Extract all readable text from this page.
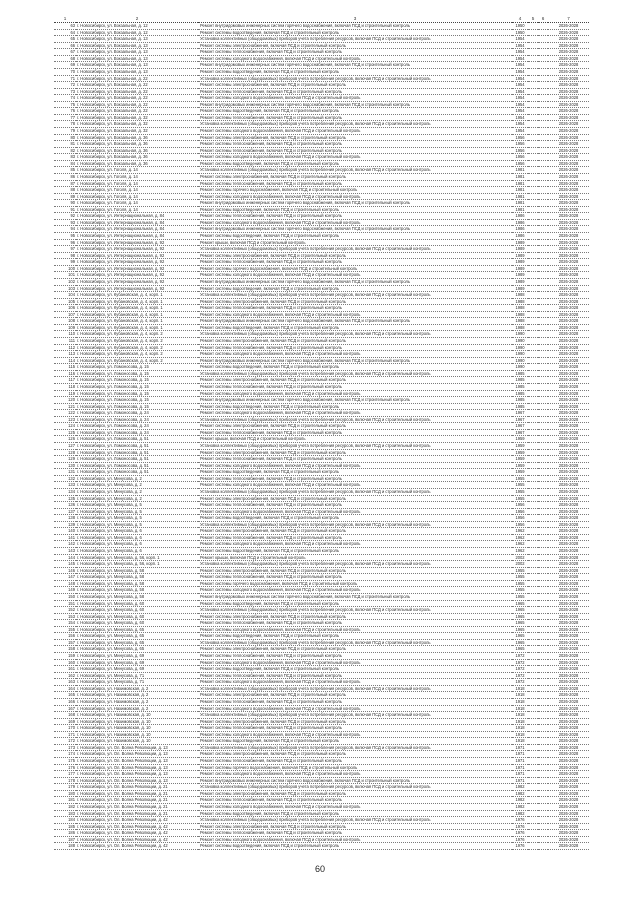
1	2	3	4	5	6	7
63	г. Новосибирск, ул. Вокзальная, д. 12	Ремонт внутридомовых инженерных систем горячего водоснабжения, включая ПСД и строительный контроль	1950			2026-2028
64	г. Новосибирск, ул. Вокзальная, д. 12	Ремонт системы водоотведения, включая ПСД и строительный контроль	1950			2026-2028
65	г. Новосибирск, ул. Вокзальная, д. 13	Установка коллективных (общедомовых) приборов учета потребления ресурсов, включая ПСД и строительный контроль	1954			2026-2028
66	г. Новосибирск, ул. Вокзальная, д. 13	Ремонт системы электроснабжения, включая ПСД и строительный контроль	1954			2026-2028
67	г. Новосибирск, ул. Вокзальная, д. 13	Ремонт системы теплоснабжения, включая ПСД и строительный контроль	1954			2026-2028
68	г. Новосибирск, ул. Вокзальная, д. 13	Ремонт системы холодного водоснабжения, включая ПСД и строительный контроль	1954			2026-2028
69	г. Новосибирск, ул. Вокзальная, д. 13	Ремонт внутридомовых инженерных систем горячего водоснабжения, включая ПСД и строительный контроль	1954			2026-2028
70	г. Новосибирск, ул. Вокзальная, д. 13	Ремонт системы водоотведения, включая ПСД и строительный контроль	1954			2026-2028
71	г. Новосибирск, ул. Вокзальная, д. 22	Установка коллективных (общедомовых) приборов учета потребления ресурсов, включая ПСД и строительный контроль	1954			2026-2028
72	г. Новосибирск, ул. Вокзальная, д. 22	Ремонт системы электроснабжения, включая ПСД и строительный контроль	1954			2026-2028
73	г. Новосибирск, ул. Вокзальная, д. 22	Ремонт системы теплоснабжения, включая ПСД и строительный контроль	1954			2026-2028
74	г. Новосибирск, ул. Вокзальная, д. 22	Ремонт системы холодного водоснабжения, включая ПСД и строительный контроль	1954			2026-2028
75	г. Новосибирск, ул. Вокзальная, д. 22	Ремонт внутридомовых инженерных систем горячего водоснабжения, включая ПСД и строительный контроль	1954			2026-2028
76	г. Новосибирск, ул. Вокзальная, д. 22	Ремонт системы водоотведения, включая ПСД и строительный контроль	1954			2026-2028
77	г. Новосибирск, ул. Вокзальная, д. 32	Ремонт системы теплоснабжения, включая ПСД и строительный контроль	1954			2026-2028
78	г. Новосибирск, ул. Вокзальная, д. 32	Установка коллективных (общедомовых) приборов учета потребления ресурсов, включая ПСД и строительный контроль	1954			2026-2028
79	г. Новосибирск, ул. Вокзальная, д. 32	Ремонт системы холодного водоснабжения, включая ПСД и строительный контроль	1954			2026-2028
80	г. Новосибирск, ул. Вокзальная, д. 36	Ремонт системы электроснабжения, включая ПСД и строительный контроль	1956			2026-2028
81	г. Новосибирск, ул. Вокзальная, д. 36	Ремонт системы теплоснабжения, включая ПСД и строительный контроль	1956			2026-2028
82	г. Новосибирск, ул. Вокзальная, д. 36	Ремонт системы теплоснабжения, включая ПСД и строительный контроль	1956			2026-2028
83	г. Новосибирск, ул. Вокзальная, д. 36	Ремонт системы холодного водоснабжения, включая ПСД и строительный контроль	1956			2026-2028
84	г. Новосибирск, ул. Вокзальная, д. 36	Ремонт системы водоотведения, включая ПСД и строительный контроль	1956			2026-2028
85	г. Новосибирск, ул. Гоголя, д. 14	Установка коллективных (общедомовых) приборов учета потребления ресурсов, включая ПСД и строительный контроль	1981			2026-2028
86	г. Новосибирск, ул. Гоголя, д. 14	Ремонт системы электроснабжения, включая ПСД и строительный контроль	1981			2026-2028
87	г. Новосибирск, ул. Гоголя, д. 14	Ремонт системы теплоснабжения, включая ПСД и строительный контроль	1981			2026-2028
88	г. Новосибирск, ул. Гоголя, д. 14	Ремонт системы горячего водоснабжения, включая ПСД и строительный контроль	1981			2026-2028
89	г. Новосибирск, ул. Гоголя, д. 14	Ремонт системы холодного водоснабжения, включая ПСД и строительный контроль	1981			2026-2028
90	г. Новосибирск, ул. Гоголя, д. 14	Ремонт внутридомовых инженерных систем горячего водоснабжения, включая ПСД и строительный контроль	1981			2026-2028
91	г. Новосибирск, ул. Гоголя, д. 14	Ремонт системы водоотведения, включая ПСД и строительный контроль	1981			2026-2028
92	г. Новосибирск, ул. Интернациональная, д. 84	Ремонт системы теплоснабжения, включая ПСД и строительный контроль	1986			2026-2028
93	г. Новосибирск, ул. Интернациональная, д. 84	Ремонт системы холодного водоснабжения, включая ПСД и строительный контроль	1986			2026-2028
94	г. Новосибирск, ул. Интернациональная, д. 84	Ремонт внутридомовых инженерных систем горячего водоснабжения, включая ПСД и строительный контроль	1986			2026-2028
95	г. Новосибирск, ул. Интернациональная, д. 84	Ремонт системы водоотведения, включая ПСД и строительный контроль	1986			2026-2028
96	г. Новосибирск, ул. Интернациональная, д. 92	Ремонт крыши, включая ПСД и строительный контроль	1989			2026-2028
97	г. Новосибирск, ул. Интернациональная, д. 92	Установка коллективных (общедомовых) приборов учета потребления ресурсов, включая ПСД и строительный контроль	1989			2026-2028
98	г. Новосибирск, ул. Интернациональная, д. 92	Ремонт системы электроснабжения, включая ПСД и строительный контроль	1989			2026-2028
99	г. Новосибирск, ул. Интернациональная, д. 92	Ремонт системы теплоснабжения, включая ПСД и строительный контроль	1989			2026-2028
100	г. Новосибирск, ул. Интернациональная, д. 92	Ремонт системы горячего водоснабжения, включая ПСД и строительный контроль	1989			2026-2028
101	г. Новосибирск, ул. Интернациональная, д. 92	Ремонт системы холодного водоснабжения, включая ПСД и строительный контроль	1989			2026-2028
102	г. Новосибирск, ул. Интернациональная, д. 92	Ремонт внутридомовых инженерных систем горячего водоснабжения, включая ПСД и строительный контроль	1989			2026-2028
103	г. Новосибирск, ул. Интернациональная, д. 92	Ремонт системы водоотведения, включая ПСД и строительный контроль	1989			2026-2028
104	г. Новосибирск, ул. Кубановская, д. 4, корп. 1	Установка коллективных (общедомовых) приборов учета потребления ресурсов, включая ПСД и строительный контроль	1988			2026-2028
105	г. Новосибирск, ул. Кубановская, д. 4, корп. 1	Ремонт системы электроснабжения, включая ПСД и строительный контроль	1988			2026-2028
106	г. Новосибирск, ул. Кубановская, д. 4, корп. 1	Ремонт системы теплоснабжения, включая ПСД и строительный контроль	1988			2026-2028
107	г. Новосибирск, ул. Кубановская, д. 4, корп. 1	Ремонт системы холодного водоснабжения, включая ПСД и строительный контроль	1988			2026-2028
108	г. Новосибирск, ул. Кубановская, д. 4, корп. 1	Ремонт внутридомовых инженерных систем горячего водоснабжения, включая ПСД и строительный контроль	1988			2026-2028
109	г. Новосибирск, ул. Кубановская, д. 4, корп. 1	Ремонт системы водоотведения, включая ПСД и строительный контроль	1988			2026-2028
110	г. Новосибирск, ул. Кубановская, д. 4, корп. 2	Установка коллективных (общедомовых) приборов учета потребления ресурсов, включая ПСД и строительный контроль	1990			2026-2028
111	г. Новосибирск, ул. Кубановская, д. 4, корп. 2	Ремонт системы электроснабжения, включая ПСД и строительный контроль	1990			2026-2028
112	г. Новосибирск, ул. Кубановская, д. 4, корп. 2	Ремонт системы теплоснабжения, включая ПСД и строительный контроль	1990			2026-2028
113	г. Новосибирск, ул. Кубановская, д. 4, корп. 2	Ремонт системы холодного водоснабжения, включая ПСД и строительный контроль	1990			2026-2028
114	г. Новосибирск, ул. Кубановская, д. 4, корп. 2	Ремонт внутридомовых инженерных систем горячего водоснабжения, включая ПСД и строительный контроль	1990			2026-2028
115	г. Новосибирск, ул. Ломоносова, д. 15	Ремонт системы водоотведения, включая ПСД и строительный контроль	1990			2026-2028
116	г. Новосибирск, ул. Ломоносова, д. 15	Установка коллективных (общедомовых) приборов учета потребления ресурсов, включая ПСД и строительный контроль	1985			2026-2028
117	г. Новосибирск, ул. Ломоносова, д. 15	Ремонт системы электроснабжения, включая ПСД и строительный контроль	1985			2026-2028
118	г. Новосибирск, ул. Ломоносова, д. 15	Ремонт системы теплоснабжения, включая ПСД и строительный контроль	1985			2026-2028
119	г. Новосибирск, ул. Ломоносова, д. 15	Ремонт системы холодного водоснабжения, включая ПСД и строительный контроль	1985			2026-2028
120	г. Новосибирск, ул. Ломоносова, д. 15	Ремонт внутридомовых инженерных систем горячего водоснабжения, включая ПСД и строительный контроль	1985			2026-2028
121	г. Новосибирск, ул. Ломоносова, д. 15	Ремонт системы водоотведения, включая ПСД и строительный контроль	1985			2026-2028
122	г. Новосибирск, ул. Ломоносова, д. 24	Ремонт системы холодного водоснабжения, включая ПСД и строительный контроль	1967			2026-2028
123	г. Новосибирск, ул. Ломоносова, д. 24	Установка коллективных (общедомовых) приборов учета потребления ресурсов, включая ПСД и строительный контроль	1967			2026-2028
124	г. Новосибирск, ул. Ломоносова, д. 24	Ремонт системы электроснабжения, включая ПСД и строительный контроль	1967			2026-2028
125	г. Новосибирск, ул. Ломоносова, д. 24	Ремонт системы теплоснабжения, включая ПСД и строительный контроль	1967			2026-2028
126	г. Новосибирск, ул. Ломоносова, д. 51	Ремонт крыши, включая ПСД и строительный контроль	1959			2026-2028
127	г. Новосибирск, ул. Ломоносова, д. 51	Установка коллективных (общедомовых) приборов учета потребления ресурсов, включая ПСД и строительный контроль	1959			2026-2028
128	г. Новосибирск, ул. Ломоносова, д. 51	Ремонт системы электроснабжения, включая ПСД и строительный контроль	1959			2026-2028
129	г. Новосибирск, ул. Ломоносова, д. 51	Ремонт системы теплоснабжения, включая ПСД и строительный контроль	1959			2026-2028
130	г. Новосибирск, ул. Ломоносова, д. 51	Ремонт системы холодного водоснабжения, включая ПСД и строительный контроль	1959			2026-2028
131	г. Новосибирск, ул. Ломоносова, д. 51	Ремонт системы водоотведения, включая ПСД и строительный контроль	1959			2026-2028
132	г. Новосибирск, ул. Минусова, д. 2	Ремонт системы теплоснабжения, включая ПСД и строительный контроль	1955			2026-2028
133	г. Новосибирск, ул. Минусова, д. 2	Ремонт системы холодного водоснабжения, включая ПСД и строительный контроль	1955			2026-2028
134	г. Новосибирск, ул. Минусова, д. 2	Установка коллективных (общедомовых) приборов учета потребления ресурсов, включая ПСД и строительный контроль	1955			2026-2028
135	г. Новосибирск, ул. Минусова, д. 2	Ремонт системы электроснабжения, включая ПСД и строительный контроль	1955			2026-2028
136	г. Новосибирск, ул. Минусова, д. 5	Ремонт системы теплоснабжения, включая ПСД и строительный контроль	1956			2026-2028
137	г. Новосибирск, ул. Минусова, д. 5	Ремонт системы холодного водоснабжения, включая ПСД и строительный контроль	1956			2026-2028
138	г. Новосибирск, ул. Минусова, д. 5	Ремонт системы водоотведения, включая ПСД и строительный контроль	1956			2026-2028
139	г. Новосибирск, ул. Минусова, д. 5	Установка коллективных (общедомовых) приборов учета потребления ресурсов, включая ПСД и строительный контроль	1956			2026-2028
140	г. Новосибирск, ул. Минусова, д. 6	Ремонт системы электроснабжения, включая ПСД и строительный контроль	1962			2026-2028
141	г. Новосибирск, ул. Минусова, д. 6	Ремонт системы теплоснабжения, включая ПСД и строительный контроль	1962			2026-2028
142	г. Новосибирск, ул. Минусова, д. 6	Ремонт системы холодного водоснабжения, включая ПСД и строительный контроль	1962			2026-2028
143	г. Новосибирск, ул. Минусова, д. 6	Ремонт системы водоотведения, включая ПСД и строительный контроль	1962			2026-2028
144	г. Новосибирск, ул. Минусова, д. 56, корп. 1	Ремонт крыши, включая ПСД и строительный контроль	2002			2026-2028
145	г. Новосибирск, ул. Минусова, д. 56, корп. 1	Установка коллективных (общедомовых) приборов учета потребления ресурсов, включая ПСД и строительный контроль	2002			2026-2028
146	г. Новосибирск, ул. Минусова, д. 58	Ремонт системы электроснабжения, включая ПСД и строительный контроль	1955			2026-2028
147	г. Новосибирск, ул. Минусова, д. 58	Ремонт системы теплоснабжения, включая ПСД и строительный контроль	1955			2026-2028
148	г. Новосибирск, ул. Минусова, д. 58	Ремонт системы горячего водоснабжения, включая ПСД и строительный контроль	1955			2026-2028
149	г. Новосибирск, ул. Минусова, д. 58	Ремонт системы холодного водоснабжения, включая ПСД и строительный контроль	1955			2026-2028
150	г. Новосибирск, ул. Минусова, д. 58	Ремонт внутридомовых инженерных систем горячего водоснабжения, включая ПСД и строительный контроль	1955			2026-2028
151	г. Новосибирск, ул. Минусова, д. 60	Ремонт системы водоотведения, включая ПСД и строительный контроль	1965			2026-2028
152	г. Новосибирск, ул. Минусова, д. 60	Установка коллективных (общедомовых) приборов учета потребления ресурсов, включая ПСД и строительный контроль	1965			2026-2028
153	г. Новосибирск, ул. Минусова, д. 60	Ремонт системы электроснабжения, включая ПСД и строительный контроль	1965			2026-2028
154	г. Новосибирск, ул. Минусова, д. 60	Ремонт системы теплоснабжения, включая ПСД и строительный контроль	1965			2026-2028
155	г. Новосибирск, ул. Минусова, д. 65	Ремонт системы холодного водоснабжения, включая ПСД и строительный контроль	1965			2026-2028
156	г. Новосибирск, ул. Минусова, д. 65	Ремонт системы водоотведения, включая ПСД и строительный контроль	1965			2026-2028
157	г. Новосибирск, ул. Минусова, д. 65	Установка коллективных (общедомовых) приборов учета потребления ресурсов, включая ПСД и строительный контроль	1965			2026-2028
158	г. Новосибирск, ул. Минусова, д. 65	Ремонт системы электроснабжения, включая ПСД и строительный контроль	1965			2026-2028
159	г. Новосибирск, ул. Минусова, д. 69	Ремонт системы теплоснабжения, включая ПСД и строительный контроль	1972			2026-2028
160	г. Новосибирск, ул. Минусова, д. 69	Ремонт системы холодного водоснабжения, включая ПСД и строительный контроль	1972			2026-2028
161	г. Новосибирск, ул. Минусова, д. 69	Ремонт системы водоотведения, включая ПСД и строительный контроль	1972			2026-2028
162	г. Новосибирск, ул. Минусова, д. 71	Ремонт системы теплоснабжения, включая ПСД и строительный контроль	1972			2026-2028
163	г. Новосибирск, ул. Минусова, д. 71	Ремонт системы холодного водоснабжения, включая ПСД и строительный контроль	1972			2026-2028
164	г. Новосибирск, ул. Нахимовская, д. 2	Установка коллективных (общедомовых) приборов учета потребления ресурсов, включая ПСД и строительный контроль	1918			2026-2028
165	г. Новосибирск, ул. Нахимовская, д. 2	Ремонт системы электроснабжения, включая ПСД и строительный контроль	1918			2026-2028
166	г. Новосибирск, ул. Нахимовская, д. 2	Ремонт системы теплоснабжения, включая ПСД и строительный контроль	1918			2026-2028
167	г. Новосибирск, ул. Нахимовская, д. 2	Ремонт системы холодного водоснабжения, включая ПСД и строительный контроль	1918			2026-2028
168	г. Новосибирск, ул. Нахимовская, д. 10	Установка коллективных (общедомовых) приборов учета потребления ресурсов, включая ПСД и строительный контроль	1918			2026-2028
169	г. Новосибирск, ул. Нахимовская, д. 10	Ремонт системы электроснабжения, включая ПСД и строительный контроль	1918			2026-2028
170	г. Новосибирск, ул. Нахимовская, д. 10	Ремонт системы теплоснабжения, включая ПСД и строительный контроль	1918			2026-2028
171	г. Новосибирск, ул. Нахимовская, д. 10	Ремонт системы холодного водоснабжения, включая ПСД и строительный контроль	1918			2026-2028
172	г. Новосибирск, ул. Нахимовская, д. 10	Ремонт системы водоотведения, включая ПСД и строительный контроль	1918			2026-2028
173	г. Новосибирск, ул. Ол. Волна Революции, д. 13	Установка коллективных (общедомовых) приборов учета потребления ресурсов, включая ПСД и строительный контроль	1971			2026-2028
174	г. Новосибирск, ул. Ол. Волна Революции, д. 13	Ремонт системы электроснабжения, включая ПСД и строительный контроль	1971			2026-2028
175	г. Новосибирск, ул. Ол. Волна Революции, д. 13	Ремонт системы теплоснабжения, включая ПСД и строительный контроль	1971			2026-2028
176	г. Новосибирск, ул. Ол. Волна Революции, д. 13	Ремонт системы горячего водоснабжения, включая ПСД и строительный контроль	1971			2026-2028
177	г. Новосибирск, ул. Ол. Волна Революции, д. 13	Ремонт системы холодного водоснабжения, включая ПСД и строительный контроль	1971			2026-2028
178	г. Новосибирск, ул. Ол. Волна Революции, д. 13	Ремонт внутридомовых инженерных систем горячего водоснабжения, включая ПСД и строительный контроль	1971			2026-2028
179	г. Новосибирск, ул. Ол. Волна Революции, д. 21	Установка коллективных (общедомовых) приборов учета потребления ресурсов, включая ПСД и строительный контроль	1982			2026-2028
180	г. Новосибирск, ул. Ол. Волна Революции, д. 21	Ремонт системы электроснабжения, включая ПСД и строительный контроль	1982			2026-2028
181	г. Новосибирск, ул. Ол. Волна Революции, д. 21	Ремонт системы теплоснабжения, включая ПСД и строительный контроль	1982			2026-2028
182	г. Новосибирск, ул. Ол. Волна Революции, д. 21	Ремонт системы холодного водоснабжения, включая ПСД и строительный контроль	1982			2026-2028
183	г. Новосибирск, ул. Ол. Волна Революции, д. 21	Ремонт системы водоотведения, включая ПСД и строительный контроль	1982			2026-2028
184	г. Новосибирск, ул. Ол. Волна Революции, д. 42	Установка коллективных (общедомовых) приборов учета потребления ресурсов, включая ПСД и строительный контроль	1976			2026-2028
185	г. Новосибирск, ул. Ол. Волна Революции, д. 42	Ремонт системы электроснабжения, включая ПСД и строительный контроль	1976			2026-2028
186	г. Новосибирск, ул. Ол. Волна Революции, д. 42	Ремонт системы теплоснабжения, включая ПСД и строительный контроль	1976			2026-2028
187	г. Новосибирск, ул. Ол. Волна Революции, д. 42	Ремонт системы холодного водоснабжения, включая ПСД и строительный контроль	1976			2026-2028
188	г. Новосибирск, ул. Ол. Волна Революции, д. 42	Ремонт системы водоотведения, включая ПСД и строительный контроль	1976			2026-2028
60
